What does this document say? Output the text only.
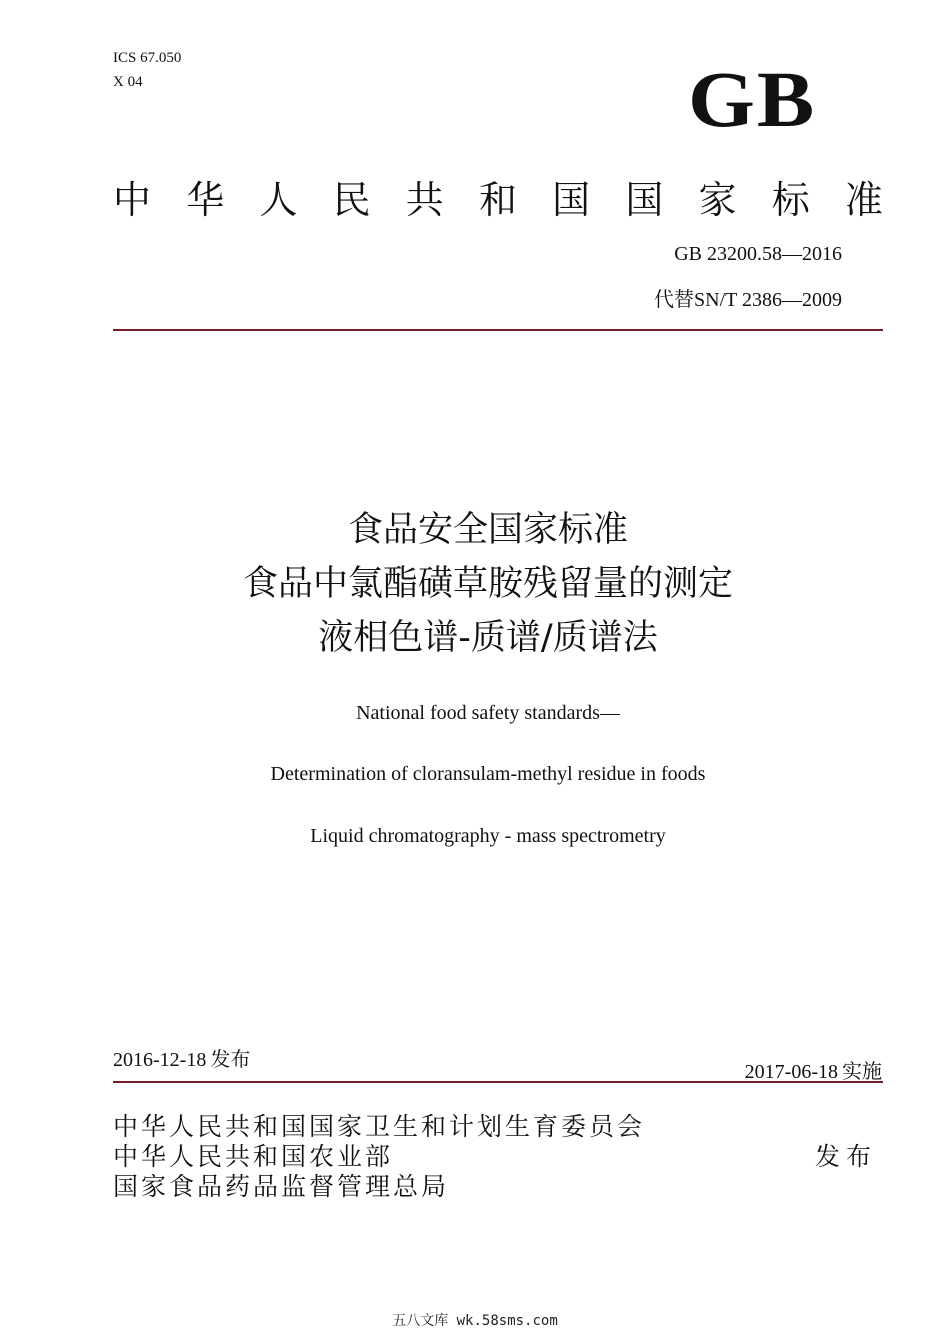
ICS 67.050
X 04	GB
中 华 人 民 共 和 国 国 家 标 准
GB 23200.58—2016
代替SN/T 2386—2009
食品安全国家标准
食品中氯酯磺草胺残留量的测定
液相色谱-质谱/质谱法
National food safety standards—
Determination of cloransulam-methyl residue in foods
Liquid chromatography - mass spectrometry
2016-12-18 发布
2017-06-18 实施
中华人民共和国国家卫生和计划生育委员会
中华人民共和国农业部
国家食品药品监督管理总局
发布
五八文库 wk.58sms.com
